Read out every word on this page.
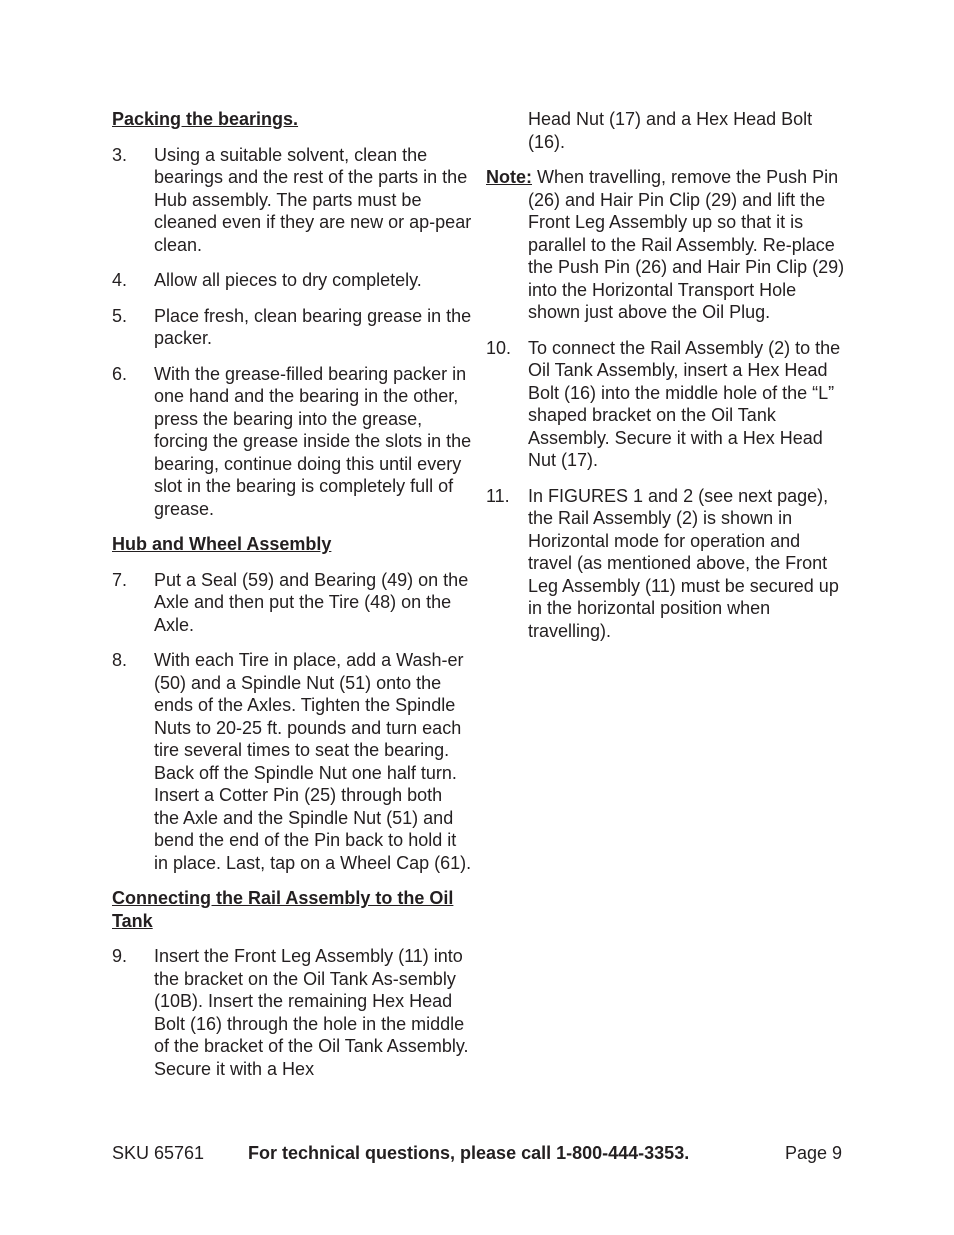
Packing the bearings.
3.	Using a suitable solvent, clean the bearings and the rest of the parts in the Hub assembly. The parts must be cleaned even if they are new or ap-pear clean.
4.	Allow all pieces to dry completely.
5.	Place fresh, clean bearing grease in the packer.
6.	With the grease-filled bearing packer in one hand and the bearing in the other, press the bearing into the grease, forcing the grease inside the slots in the bearing, continue doing this until every slot in the bearing is completely full of grease.
Hub and Wheel Assembly
7.	Put a Seal (59) and Bearing (49) on the Axle and then put the Tire (48) on the Axle.
8.	With each Tire in place, add a Wash-er (50) and a Spindle Nut (51) onto the ends of the Axles. Tighten the Spindle Nuts to 20-25 ft. pounds and turn each tire several times to seat the bearing. Back off the Spindle Nut one half turn. Insert a Cotter Pin (25) through both the Axle and the Spindle Nut (51) and bend the end of the Pin back to hold it in place. Last, tap on a Wheel Cap (61).
Connecting the Rail Assembly to the Oil Tank
9.	Insert the Front Leg Assembly (11) into the bracket on the Oil Tank As-sembly (10B). Insert the remaining Hex Head Bolt (16) through the hole in the middle of the bracket of the Oil Tank Assembly. Secure it with a Hex
Head Nut (17) and a Hex Head Bolt (16).
Note: When travelling, remove the Push Pin (26) and Hair Pin Clip (29) and lift the Front Leg Assembly up so that it is parallel to the Rail Assembly. Re-place the Push Pin (26) and Hair Pin Clip (29) into the Horizontal Transport Hole shown just above the Oil Plug.
10. To connect the Rail Assembly (2) to the Oil Tank Assembly, insert a Hex Head Bolt (16) into the middle hole of the “L” shaped bracket on the Oil Tank Assembly. Secure it with a Hex Head Nut (17).
11.	In FIGURES 1 and 2 (see next page), the Rail Assembly (2) is shown in Horizontal mode for operation and travel (as mentioned above, the Front Leg Assembly (11) must be secured up in the horizontal position when travelling).
SKU 65761 For technical questions, please call 1-800-444-3353.	Page 9
